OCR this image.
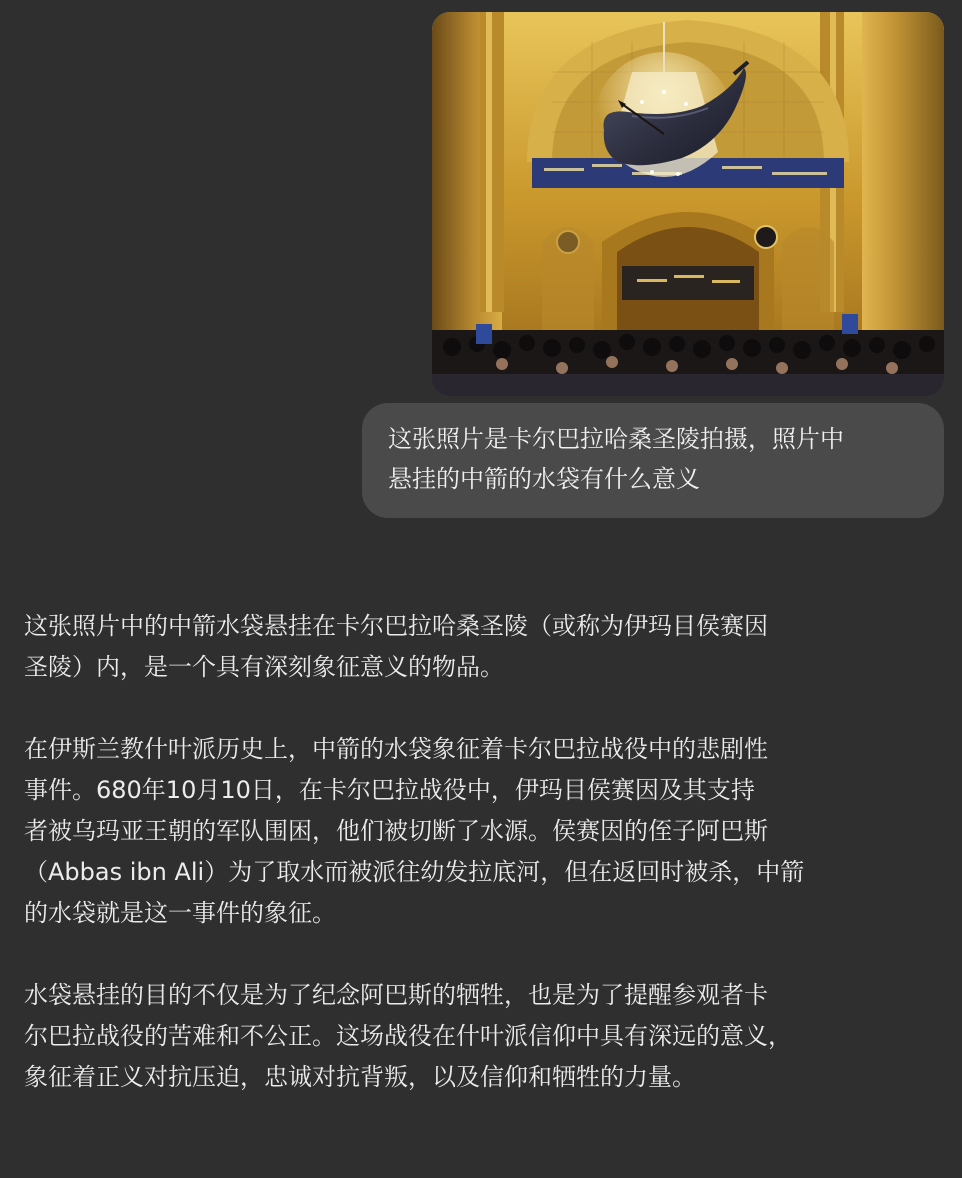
这张照片是卡尔巴拉哈桑圣陵拍摄，照片中
悬挂的中箭的水袋有什么意义

这张照片中的中箭水袋悬挂在卡尔巴拉哈桑圣陵（或称为伊玛目侯赛因
圣陵）内，是一个具有深刻象征意义的物品。

在伊斯兰教什叶派历史上，中箭的水袋象征着卡尔巴拉战役中的悲剧性
事件。680年10月10日，在卡尔巴拉战役中，伊玛目侯赛因及其支持
者被乌玛亚王朝的军队围困，他们被切断了水源。侯赛因的侄子阿巴斯
（Abbas ibn Ali）为了取水而被派往幼发拉底河，但在返回时被杀，中箭
的水袋就是这一事件的象征。

水袋悬挂的目的不仅是为了纪念阿巴斯的牺牲，也是为了提醒参观者卡
尔巴拉战役的苦难和不公正。这场战役在什叶派信仰中具有深远的意义，
象征着正义对抗压迫，忠诚对抗背叛，以及信仰和牺牲的力量。
